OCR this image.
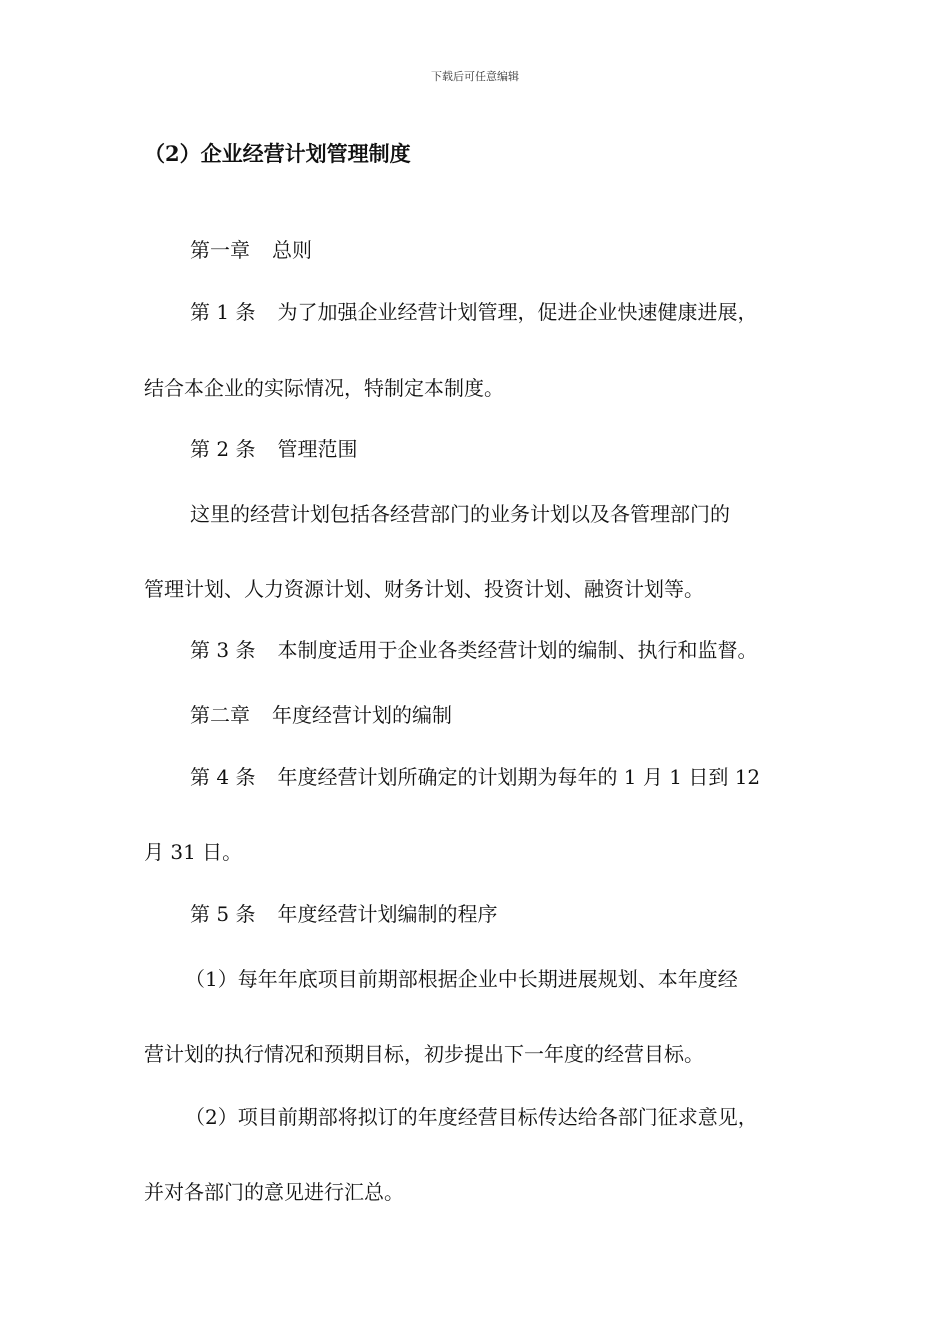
下载后可任意编辑
（2）企业经营计划管理制度
第一章 总则
第 1 条 为了加强企业经营计划管理，促进企业快速健康进展，
结合本企业的实际情况，特制定本制度。
第 2 条 管理范围
这里的经营计划包括各经营部门的业务计划以及各管理部门的
管理计划、人力资源计划、财务计划、投资计划、融资计划等。
第 3 条 本制度适用于企业各类经营计划的编制、执行和监督。
第二章 年度经营计划的编制
第 4 条 年度经营计划所确定的计划期为每年的 1 月 1 日到 12
月 31 日。
第 5 条 年度经营计划编制的程序
（1）每年年底项目前期部根据企业中长期进展规划、本年度经
营计划的执行情况和预期目标，初步提出下一年度的经营目标。
（2）项目前期部将拟订的年度经营目标传达给各部门征求意见，
并对各部门的意见进行汇总。
